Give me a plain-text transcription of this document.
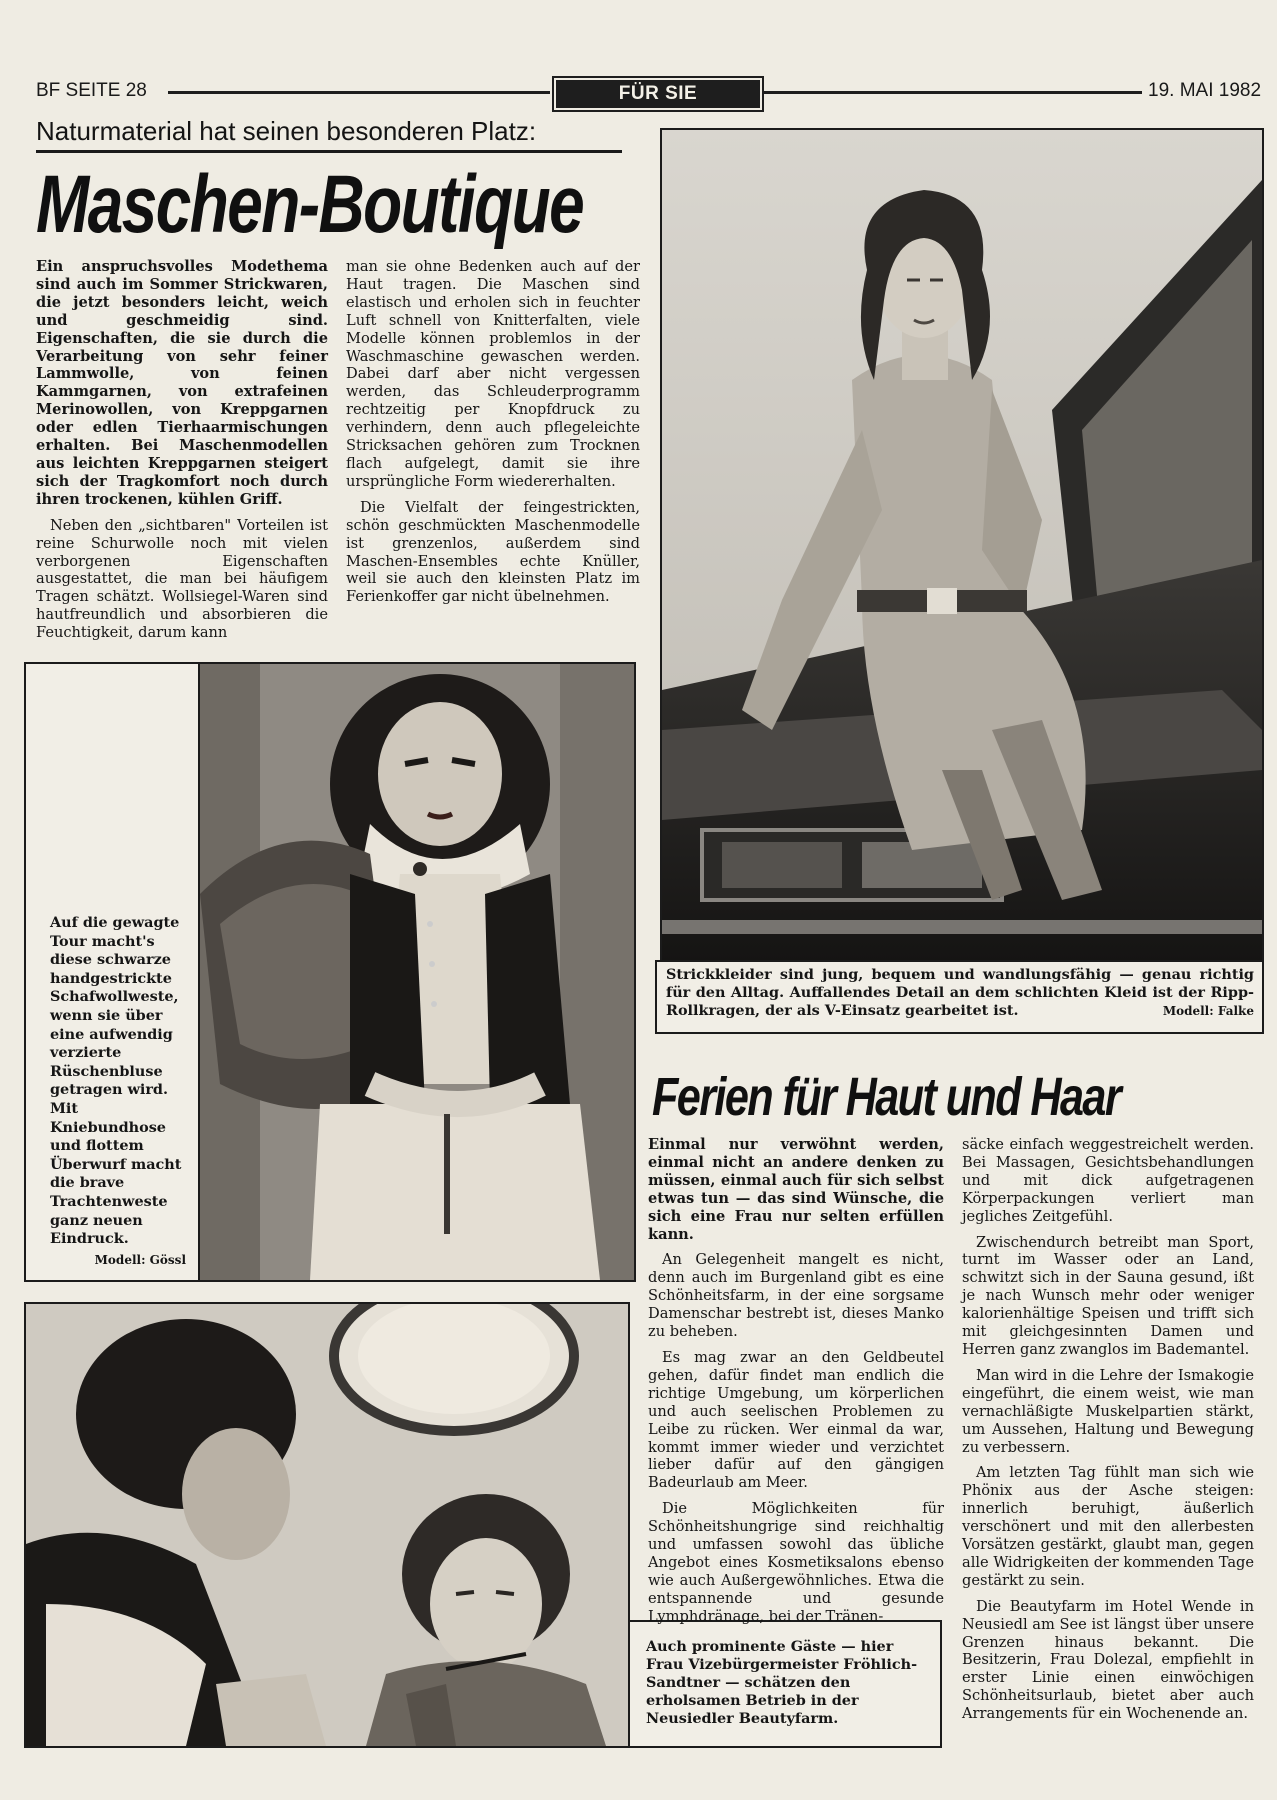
BF SEITE 28	FÜR SIE	19. MAI 1982
Naturmaterial hat seinen besonderen Platz:
Maschen-Boutique

Ein anspruchsvolles Modethema sind auch im Sommer Strickwaren, die jetzt besonders leicht, weich und geschmeidig sind. Eigenschaften, die sie durch die Verarbeitung von sehr feiner Lammwolle, von feinen Kammgarnen, von extrafeinen Merinowollen, von Kreppgarnen oder edlen Tierhaarmischungen erhalten. Bei Maschenmodellen aus leichten Kreppgarnen steigert sich der Tragkomfort noch durch ihren trockenen, kühlen Griff.

Neben den „sichtbaren" Vorteilen ist reine Schurwolle noch mit vielen verborgenen Eigenschaften ausgestattet, die man bei häufigem Tragen schätzt. Wollsiegel-Waren sind hautfreundlich und absorbieren die Feuchtigkeit, darum kann

man sie ohne Bedenken auch auf der Haut tragen. Die Maschen sind elastisch und erholen sich in feuchter Luft schnell von Knitterfalten, viele Modelle können problemlos in der Waschmaschine gewaschen werden. Dabei darf aber nicht vergessen werden, das Schleuderprogramm rechtzeitig per Knopfdruck zu verhindern, denn auch pflegeleichte Stricksachen gehören zum Trocknen flach aufgelegt, damit sie ihre ursprüngliche Form wiedererhalten.

Die Vielfalt der feingestrickten, schön geschmückten Maschenmodelle ist grenzenlos, außerdem sind Maschen-Ensembles echte Knüller, weil sie auch den kleinsten Platz im Ferienkoffer gar nicht übelnehmen.

Strickkleider sind jung, bequem und wandlungsfähig — genau richtig für den Alltag. Auffallendes Detail an dem schlichten Kleid ist der Ripp-Rollkragen, der als V-Einsatz gearbeitet ist.	Modell: Falke
Auf die gewagte Tour macht's diese schwarze handgestrickte Schafwollweste, wenn sie über eine aufwendig verzierte Rüschenbluse getragen wird. Mit Kniebundhose und flottem Überwurf macht die brave Trachtenweste ganz neuen Eindruck.
Modell: Gössl
Auch prominente Gäste — hier Frau Vizebürgermeister Fröhlich-Sandtner — schätzen den erholsamen Betrieb in der Neusiedler Beautyfarm.
Ferien für Haut und Haar

Einmal nur verwöhnt werden, einmal nicht an andere denken zu müssen, einmal auch für sich selbst etwas tun — das sind Wünsche, die sich eine Frau nur selten erfüllen kann.

An Gelegenheit mangelt es nicht, denn auch im Burgenland gibt es eine Schönheitsfarm, in der eine sorgsame Damenschar bestrebt ist, dieses Manko zu beheben.

Es mag zwar an den Geldbeutel gehen, dafür findet man endlich die richtige Umgebung, um körperlichen und auch seelischen Problemen zu Leibe zu rücken. Wer einmal da war, kommt immer wieder und verzichtet lieber dafür auf den gängigen Badeurlaub am Meer.

Die Möglichkeiten für Schönheitshungrige sind reichhaltig und umfassen sowohl das übliche Angebot eines Kosmetiksalons ebenso wie auch Außergewöhnliches. Etwa die entspannende und gesunde Lymphdränage, bei der Tränen-

säcke einfach weggestreichelt werden. Bei Massagen, Gesichtsbehandlungen und mit dick aufgetragenen Körperpackungen verliert man jegliches Zeitgefühl.

Zwischendurch betreibt man Sport, turnt im Wasser oder an Land, schwitzt sich in der Sauna gesund, ißt je nach Wunsch mehr oder weniger kalorienhältige Speisen und trifft sich mit gleichgesinnten Damen und Herren ganz zwanglos im Bademantel.

Man wird in die Lehre der Ismakogie eingeführt, die einem weist, wie man vernachläßigte Muskelpartien stärkt, um Aussehen, Haltung und Bewegung zu verbessern.

Am letzten Tag fühlt man sich wie Phönix aus der Asche steigen: innerlich beruhigt, äußerlich verschönert und mit den allerbesten Vorsätzen gestärkt, glaubt man, gegen alle Widrigkeiten der kommenden Tage gestärkt zu sein.

Die Beautyfarm im Hotel Wende in Neusiedl am See ist längst über unsere Grenzen hinaus bekannt. Die Besitzerin, Frau Dolezal, empfiehlt in erster Linie einen einwöchigen Schönheitsurlaub, bietet aber auch Arrangements für ein Wochenende an.
